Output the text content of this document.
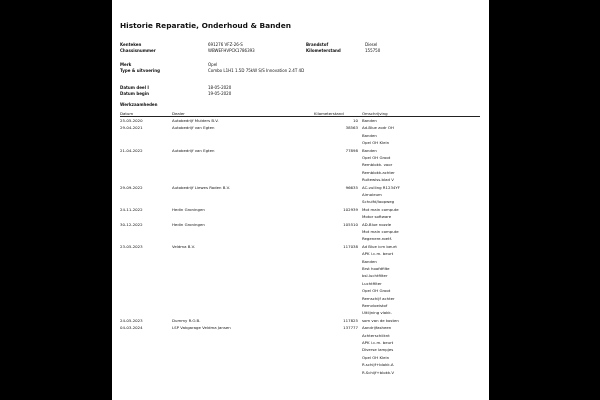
Historie Reparatie, Onderhoud & Banden
Kenteken	691276 VFZ-26-S
Chassisnummer	WBWEFHVPCK1786393
Brandstof	Diesel
Kilometerstand	155750
Merk	Opel
Type & uitvoering	Combo L1H1 1.5D 75kW S/S Innovation 2.4T 4D
Datum deel I	18-05-2020
Datum begin	19-05-2020
Werkzaamheden
Datum	Dealer	Kilometerstand	Omschrijving
25-05-2020	Autobedrijf Mulders B.V.	10 Banden
29-04-2021	Autobedrijf van Egten	38563 Ad-Blue zodr OH
Banden
Opel OH Klein
21-04-2022	Autobedrijf van Egten	77898 Banden
Opel OH Groot
Remblokk. voor
Remblokk.achter
Ruitewiss.blad V
29-09-2022	Autobedrijf Liewes Roden B.V.	96635 AC-vulling R1234YF
Airnoleum
Schuifd/loopweg
24-11-2022	Hedin Groningen	102939 Mot main compute
Motor software
30-12-2022	Hedin Groningen	105510 AD-Blue nozzle
Mot main compute
Regenere.roetf.
23-05-2023	Veldma B.V.	117038 Ad Blue icm beurt
APK i.c.m. beurt
Banden
Brst hoofdfilte
bsl.luchtfilter
Luchtfilter
Opel OH Groot
Remschijf achter
Remvloeistof
Uitlijning vlakk.
24-05-2023	Dummy R.O.B.	117825 som van de kosten
04-03-2024	LSP Vakgarage Veldma Jansen	137777 Aandrijfasheen
Achterschiiknt
APK i.c.m. beurt
Diverse lampjes
Opel OH Klein
R.schijf+blokk.A
R.Schijf+blokk.V
